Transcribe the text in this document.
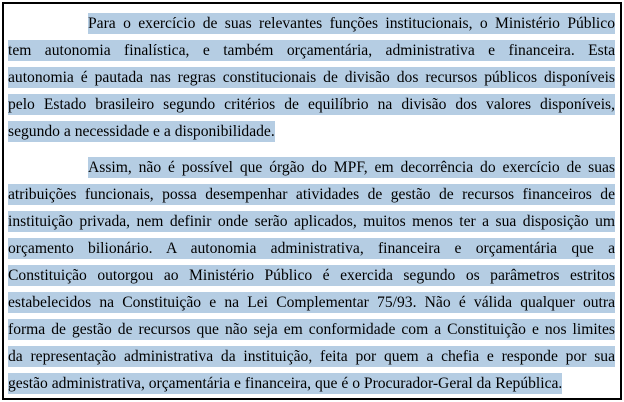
Para o exercício de suas relevantes funções institucionais, o Ministério Público
tem autonomia finalística, e também orçamentária, administrativa e financeira. Esta
autonomia é pautada nas regras constitucionais de divisão dos recursos públicos disponíveis
pelo Estado brasileiro segundo critérios de equilíbrio na divisão dos valores disponíveis,
segundo a necessidade e a disponibilidade.
Assim, não é possível que órgão do MPF, em decorrência do exercício de suas
atribuições funcionais, possa desempenhar atividades de gestão de recursos financeiros de
instituição privada, nem definir onde serão aplicados, muitos menos ter a sua disposição um
orçamento bilionário. A autonomia administrativa, financeira e orçamentária que a
Constituição outorgou ao Ministério Público é exercida segundo os parâmetros estritos
estabelecidos na Constituição e na Lei Complementar 75/93. Não é válida qualquer outra
forma de gestão de recursos que não seja em conformidade com a Constituição e nos limites
da representação administrativa da instituição, feita por quem a chefia e responde por sua
gestão administrativa, orçamentária e financeira, que é o Procurador-Geral da República.
